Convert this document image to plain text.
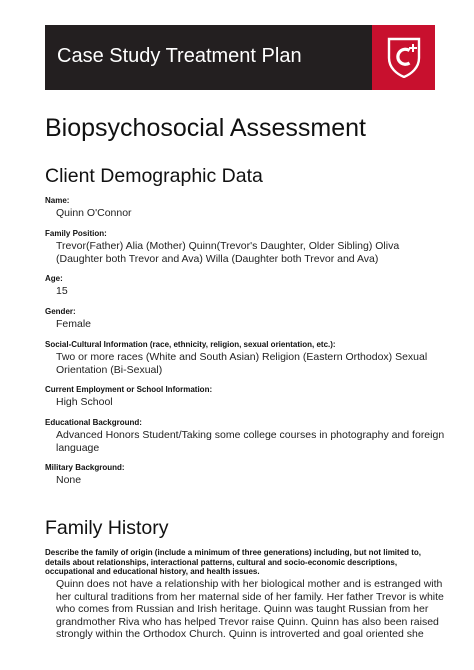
Case Study Treatment Plan
Biopsychosocial Assessment
Client Demographic Data
Name:
Quinn O'Connor
Family Position:
Trevor(Father) Alia (Mother) Quinn(Trevor's Daughter, Older Sibling) Oliva (Daughter both Trevor and Ava) Willa (Daughter both Trevor and Ava)
Age:
15
Gender:
Female
Social-Cultural Information (race, ethnicity, religion, sexual orientation, etc.):
Two or more races (White and South Asian) Religion (Eastern Orthodox) Sexual Orientation (Bi-Sexual)
Current Employment or School Information:
High School
Educational Background:
Advanced Honors Student/Taking some college courses in photography and foreign language
Military Background:
None
Family History
Describe the family of origin (include a minimum of three generations) including, but not limited to, details about relationships, interactional patterns, cultural and socio-economic descriptions, occupational and educational history, and health issues.
Quinn does not have a relationship with her biological mother and is estranged with her cultural traditions from her maternal side of her family. Her father Trevor is white who comes from Russian and Irish heritage. Quinn was taught Russian from her grandmother Riva who has helped Trevor raise Quinn. Quinn has also been raised strongly within the Orthodox Church. Quinn is introverted and goal oriented she
